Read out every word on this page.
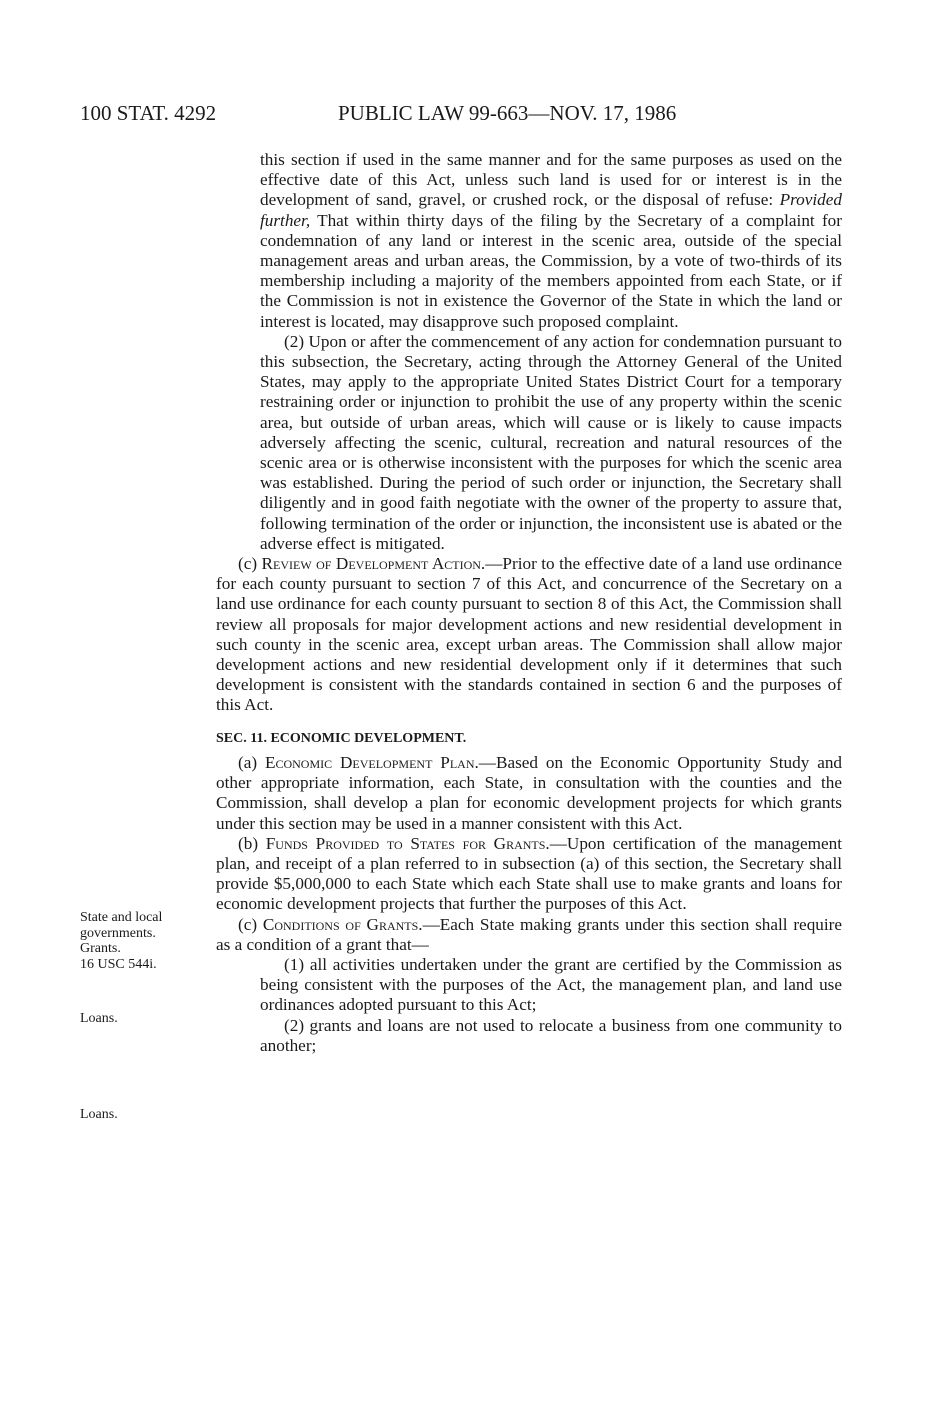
100 STAT. 4292	PUBLIC LAW 99-663—NOV. 17, 1986

this section if used in the same manner and for the same purposes as used on the effective date of this Act, unless such land is used for or interest is in the development of sand, gravel, or crushed rock, or the disposal of refuse: Provided further, That within thirty days of the filing by the Secretary of a complaint for condemnation of any land or interest in the scenic area, outside of the special management areas and urban areas, the Commission, by a vote of two-thirds of its membership including a majority of the members appointed from each State, or if the Commission is not in existence the Governor of the State in which the land or interest is located, may disapprove such proposed complaint.

(2) Upon or after the commencement of any action for condemnation pursuant to this subsection, the Secretary, acting through the Attorney General of the United States, may apply to the appropriate United States District Court for a temporary restraining order or injunction to prohibit the use of any property within the scenic area, but outside of urban areas, which will cause or is likely to cause impacts adversely affecting the scenic, cultural, recreation and natural resources of the scenic area or is otherwise inconsistent with the purposes for which the scenic area was established. During the period of such order or injunction, the Secretary shall diligently and in good faith negotiate with the owner of the property to assure that, following termination of the order or injunction, the inconsistent use is abated or the adverse effect is mitigated.

(c) Review of Development Action.—Prior to the effective date of a land use ordinance for each county pursuant to section 7 of this Act, and concurrence of the Secretary on a land use ordinance for each county pursuant to section 8 of this Act, the Commission shall review all proposals for major development actions and new residential development in such county in the scenic area, except urban areas. The Commission shall allow major development actions and new residential development only if it determines that such development is consistent with the standards contained in section 6 and the purposes of this Act.

SEC. 11. ECONOMIC DEVELOPMENT.

(a) Economic Development Plan.—Based on the Economic Opportunity Study and other appropriate information, each State, in consultation with the counties and the Commission, shall develop a plan for economic development projects for which grants under this section may be used in a manner consistent with this Act.

(b) Funds Provided to States for Grants.—Upon certification of the management plan, and receipt of a plan referred to in subsection (a) of this section, the Secretary shall provide $5,000,000 to each State which each State shall use to make grants and loans for economic development projects that further the purposes of this Act.

(c) Conditions of Grants.—Each State making grants under this section shall require as a condition of a grant that—

(1) all activities undertaken under the grant are certified by the Commission as being consistent with the purposes of the Act, the management plan, and land use ordinances adopted pursuant to this Act;

(2) grants and loans are not used to relocate a business from one community to another;

State and local
governments.
Grants.
16 USC 544i.
Loans.
Loans.
